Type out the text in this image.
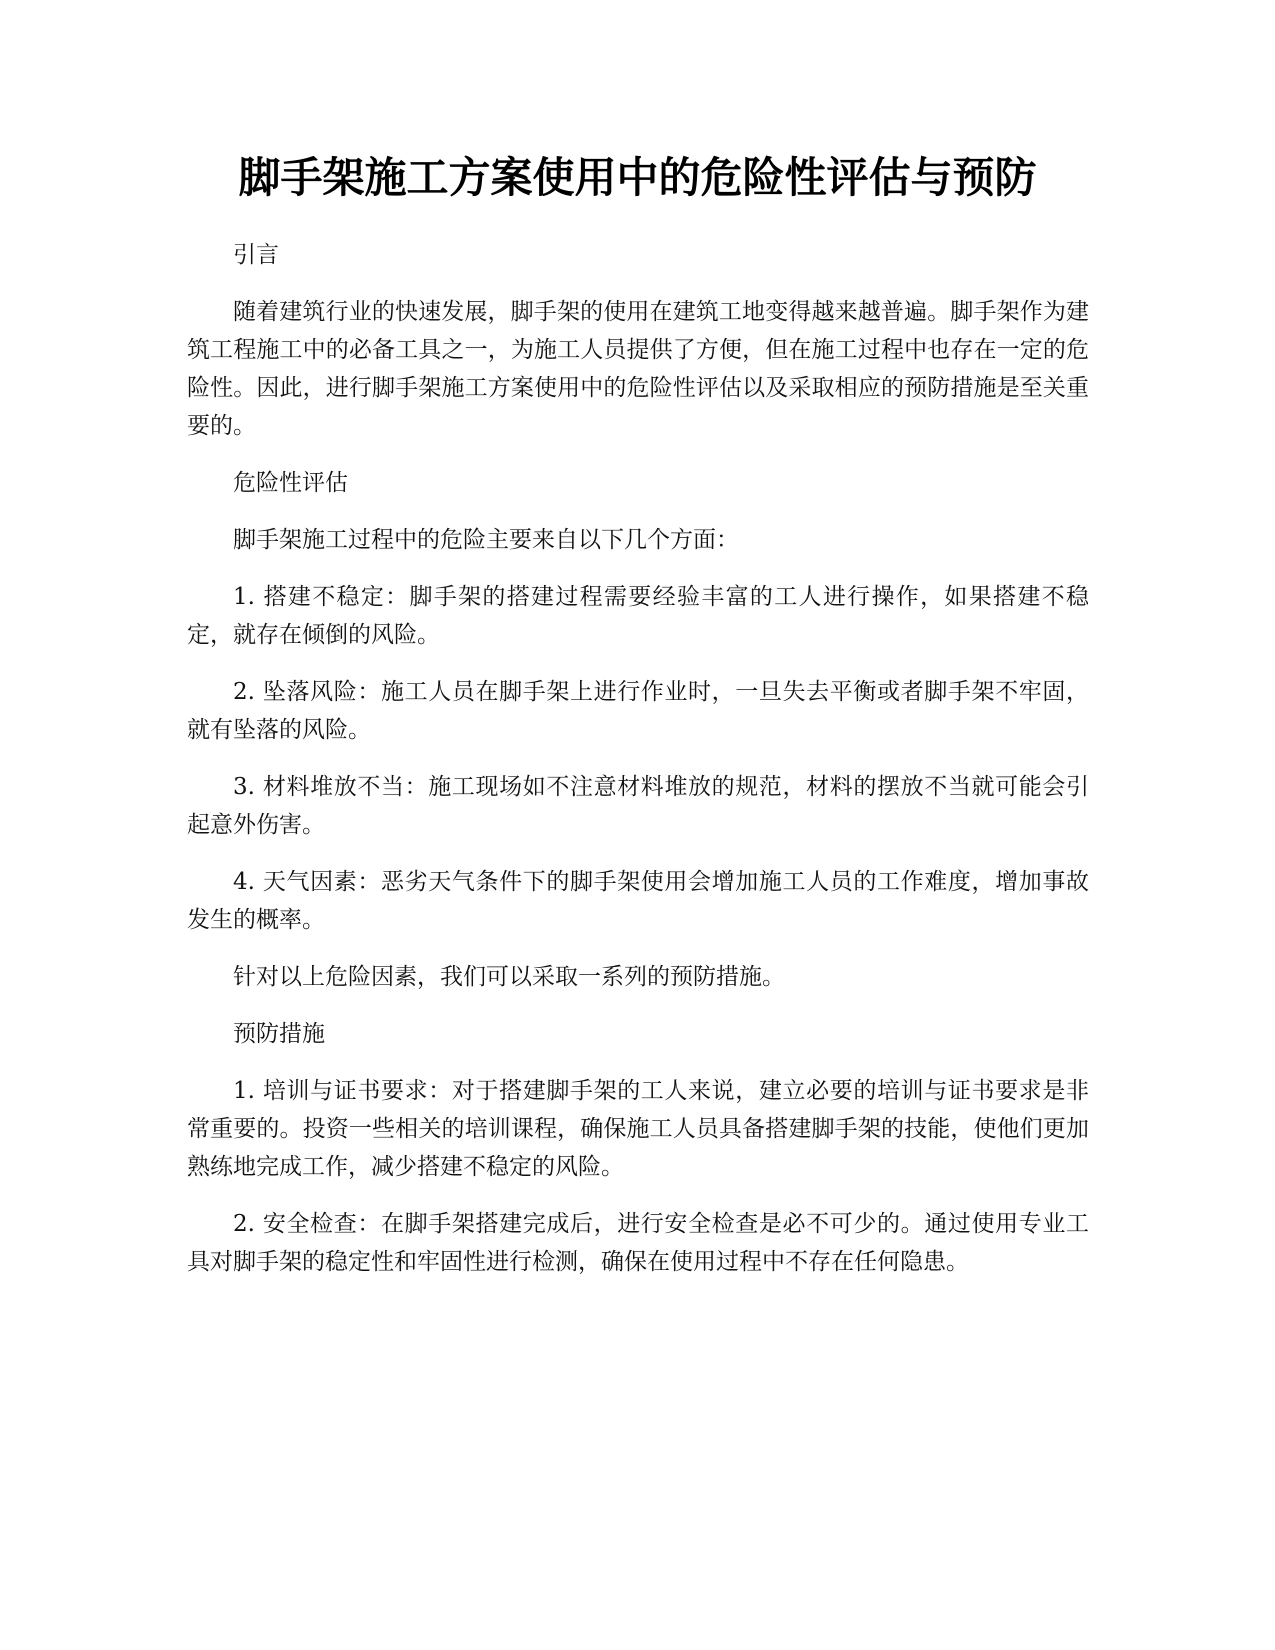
脚手架施工方案使用中的危险性评估与预防

引言

随着建筑行业的快速发展，脚手架的使用在建筑工地变得越来越普遍。脚手架作为建筑工程施工中的必备工具之一，为施工人员提供了方便，但在施工过程中也存在一定的危险性。因此，进行脚手架施工方案使用中的危险性评估以及采取相应的预防措施是至关重要的。

危险性评估

脚手架施工过程中的危险主要来自以下几个方面：

1. 搭建不稳定：脚手架的搭建过程需要经验丰富的工人进行操作，如果搭建不稳定，就存在倾倒的风险。

2. 坠落风险：施工人员在脚手架上进行作业时，一旦失去平衡或者脚手架不牢固，就有坠落的风险。

3. 材料堆放不当：施工现场如不注意材料堆放的规范，材料的摆放不当就可能会引起意外伤害。

4. 天气因素：恶劣天气条件下的脚手架使用会增加施工人员的工作难度，增加事故发生的概率。

针对以上危险因素，我们可以采取一系列的预防措施。

预防措施

1. 培训与证书要求：对于搭建脚手架的工人来说，建立必要的培训与证书要求是非常重要的。投资一些相关的培训课程，确保施工人员具备搭建脚手架的技能，使他们更加熟练地完成工作，减少搭建不稳定的风险。

2. 安全检查：在脚手架搭建完成后，进行安全检查是必不可少的。通过使用专业工具对脚手架的稳定性和牢固性进行检测，确保在使用过程中不存在任何隐患。
